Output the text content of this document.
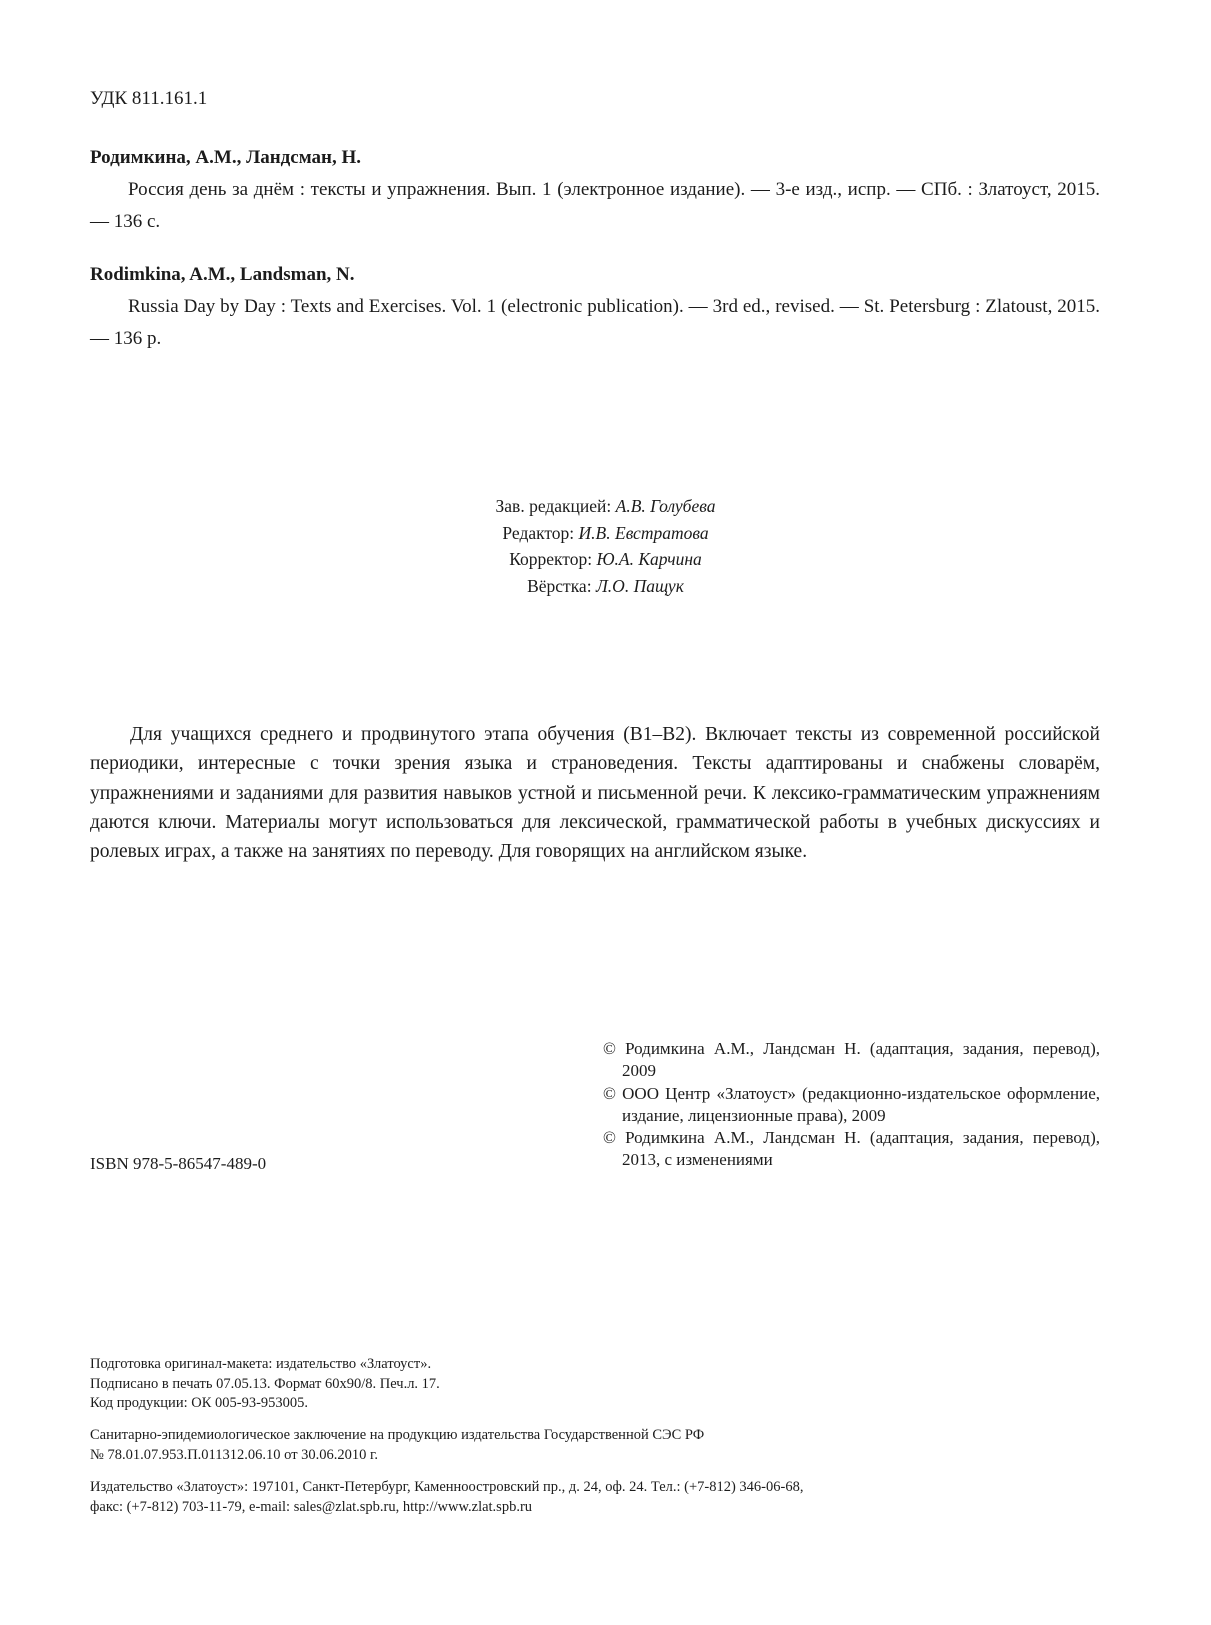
УДК 811.161.1
Родимкина, А.М., Ландсман, Н.
Россия день за днём : тексты и упражнения. Вып. 1 (электронное издание). — 3-е изд., испр. — СПб. : Златоуст, 2015. — 136 с.
Rodimkina, A.M., Landsman, N.
Russia Day by Day : Texts and Exercises. Vol. 1 (electronic publication). — 3rd ed., revised. — St. Petersburg : Zlatoust, 2015. — 136 p.
Зав. редакцией: А.В. Голубева
Редактор: И.В. Евстратова
Корректор: Ю.А. Карчина
Вёрстка: Л.О. Пащук
Для учащихся среднего и продвинутого этапа обучения (В1–В2). Включает тексты из современной российской периодики, интересные с точки зрения языка и страноведения. Тексты адаптированы и снабжены словарём, упражнениями и заданиями для развития навыков устной и письменной речи. К лексико-грамматическим упражнениям даются ключи. Материалы могут использоваться для лексической, грамматической работы в учебных дискуссиях и ролевых играх, а также на занятиях по переводу. Для говорящих на английском языке.
© Родимкина А.М., Ландсман Н. (адаптация, задания, перевод), 2009
© ООО Центр «Златоуст» (редакционно-издательское оформление, издание, лицензионные права), 2009
© Родимкина А.М., Ландсман Н. (адаптация, задания, перевод), 2013, с изменениями
ISBN 978-5-86547-489-0
Подготовка оригинал-макета: издательство «Златоуст».
Подписано в печать 07.05.13. Формат 60х90/8. Печ.л. 17.
Код продукции: ОК 005-93-953005.
Санитарно-эпидемиологическое заключение на продукцию издательства Государственной СЭС РФ
№ 78.01.07.953.П.011312.06.10 от 30.06.2010 г.
Издательство «Златоуст»: 197101, Санкт-Петербург, Каменноостровский пр., д. 24, оф. 24. Тел.: (+7-812) 346-06-68,
факс: (+7-812) 703-11-79, e-mail: sales@zlat.spb.ru, http://www.zlat.spb.ru
